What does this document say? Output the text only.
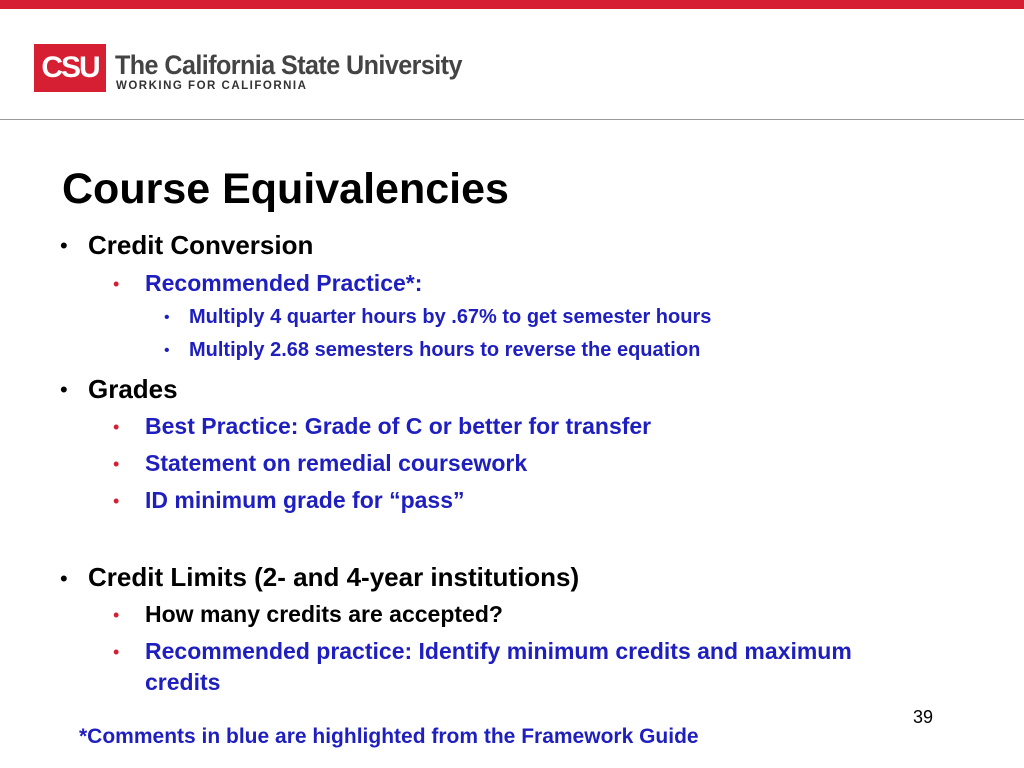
CSU The California State University
WORKING FOR CALIFORNIA
Course Equivalencies
• Credit Conversion
• Recommended Practice*:
• Multiply 4 quarter hours by .67% to get semester hours
• Multiply 2.68 semesters hours to reverse the equation
• Grades
• Best Practice: Grade of C or better for transfer
• Statement on remedial coursework
• ID minimum grade for “pass”
• Credit Limits (2- and 4-year institutions)
• How many credits are accepted?
• Recommended practice: Identify minimum credits and maximum
credits
39
*Comments in blue are highlighted from the Framework Guide
